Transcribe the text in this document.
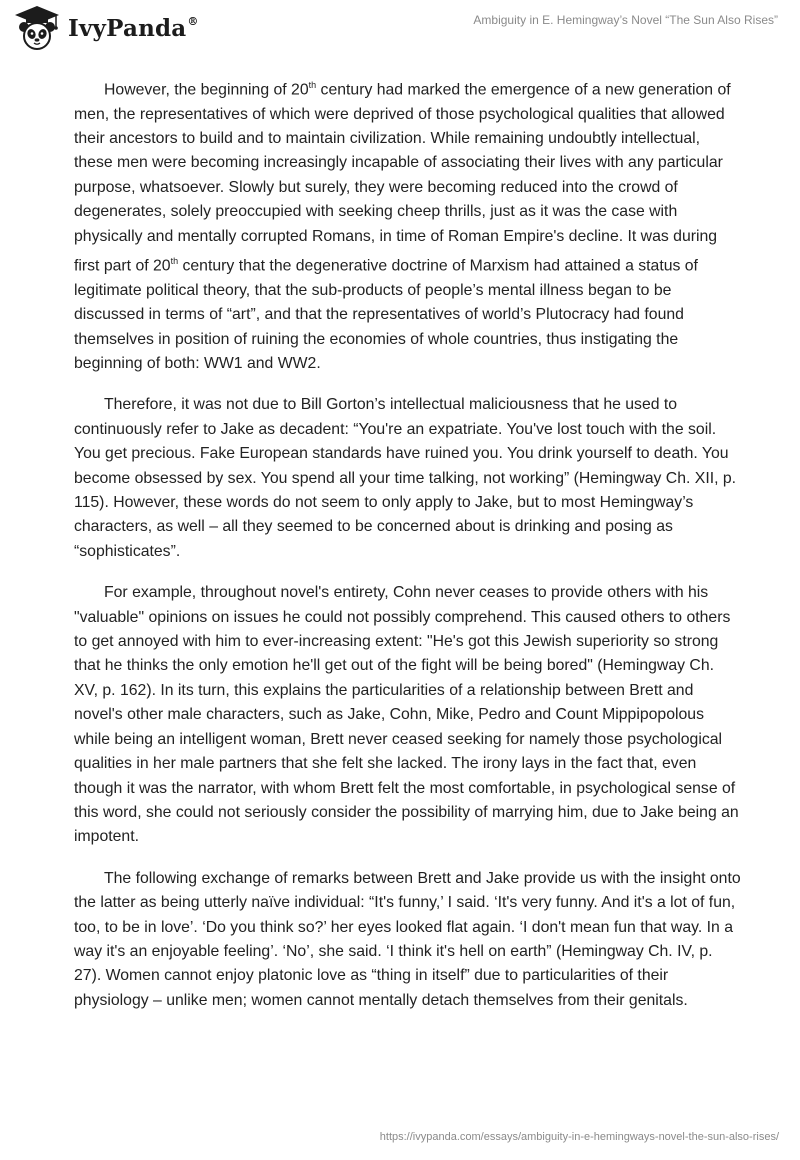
IvyPanda®	Ambiguity in E. Hemingway’s Novel “The Sun Also Rises”

However, the beginning of 20th century had marked the emergence of a new generation of men, the representatives of which were deprived of those psychological qualities that allowed their ancestors to build and to maintain civilization. While remaining undoubtly intellectual, these men were becoming increasingly incapable of associating their lives with any particular purpose, whatsoever. Slowly but surely, they were becoming reduced into the crowd of degenerates, solely preoccupied with seeking cheep thrills, just as it was the case with physically and mentally corrupted Romans, in time of Roman Empire's decline. It was during first part of 20th century that the degenerative doctrine of Marxism had attained a status of legitimate political theory, that the sub-products of people’s mental illness began to be discussed in terms of “art”, and that the representatives of world’s Plutocracy had found themselves in position of ruining the economies of whole countries, thus instigating the beginning of both: WW1 and WW2.

Therefore, it was not due to Bill Gorton’s intellectual maliciousness that he used to continuously refer to Jake as decadent: “You're an expatriate. You've lost touch with the soil. You get precious. Fake European standards have ruined you. You drink yourself to death. You become obsessed by sex. You spend all your time talking, not working” (Hemingway Ch. XII, p. 115). However, these words do not seem to only apply to Jake, but to most Hemingway’s characters, as well – all they seemed to be concerned about is drinking and posing as “sophisticates”.

For example, throughout novel's entirety, Cohn never ceases to provide others with his "valuable" opinions on issues he could not possibly comprehend. This caused others to others to get annoyed with him to ever-increasing extent: "He's got this Jewish superiority so strong that he thinks the only emotion he'll get out of the fight will be being bored" (Hemingway Ch. XV, p. 162). In its turn, this explains the particularities of a relationship between Brett and novel's other male characters, such as Jake, Cohn, Mike, Pedro and Count Mippipopolous while being an intelligent woman, Brett never ceased seeking for namely those psychological qualities in her male partners that she felt she lacked. The irony lays in the fact that, even though it was the narrator, with whom Brett felt the most comfortable, in psychological sense of this word, she could not seriously consider the possibility of marrying him, due to Jake being an impotent.

The following exchange of remarks between Brett and Jake provide us with the insight onto the latter as being utterly naïve individual: “It's funny,’ I said. ‘It's very funny. And it's a lot of fun, too, to be in love’. ‘Do you think so?’ her eyes looked flat again. ‘I don't mean fun that way. In a way it's an enjoyable feeling’. ‘No’, she said. ‘I think it's hell on earth” (Hemingway Ch. IV, p. 27). Women cannot enjoy platonic love as “thing in itself” due to particularities of their physiology – unlike men; women cannot mentally detach themselves from their genitals.

https://ivypanda.com/essays/ambiguity-in-e-hemingways-novel-the-sun-also-rises/
